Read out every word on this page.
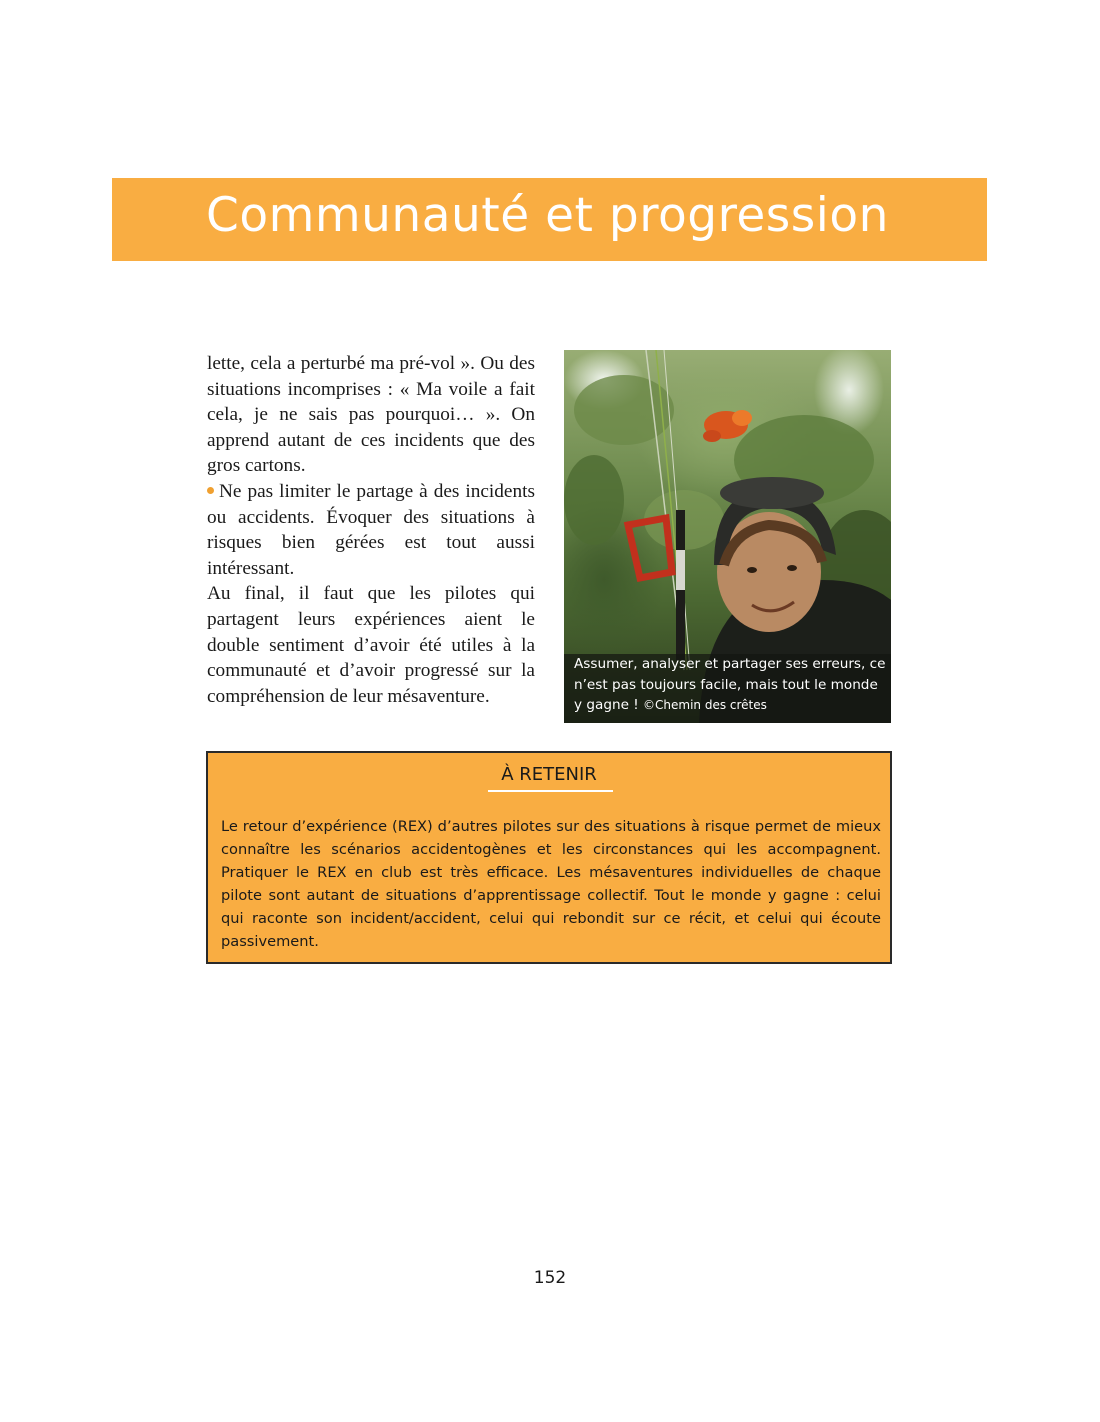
Communauté et progression

lette, cela a perturbé ma pré-vol ». Ou des situations incomprises : « Ma voile a fait cela, je ne sais pas pourquoi… ». On apprend autant de ces incidents que des gros cartons.

Ne pas limiter le partage à des incidents ou accidents. Évoquer des situations à risques bien gérées est tout aussi intéressant.

Au final, il faut que les pilotes qui partagent leurs expériences aient le double sentiment d’avoir été utiles à la communauté et d’avoir progressé sur la compréhension de leur mésaventure.

Assumer, analyser et partager ses erreurs, ce n’est pas toujours facile, mais tout le monde y gagne ! ©Chemin des crêtes
À RETENIR
Le retour d’expérience (REX) d’autres pilotes sur des situations à risque permet de mieux connaître les scénarios accidentogènes et les circonstances qui les accompagnent. Pratiquer le REX en club est très efficace. Les mésaventures individuelles de chaque pilote sont autant de situations d’apprentissage collectif. Tout le monde y gagne : celui qui raconte son incident/accident, celui qui rebondit sur ce récit, et celui qui écoute passivement.
152
